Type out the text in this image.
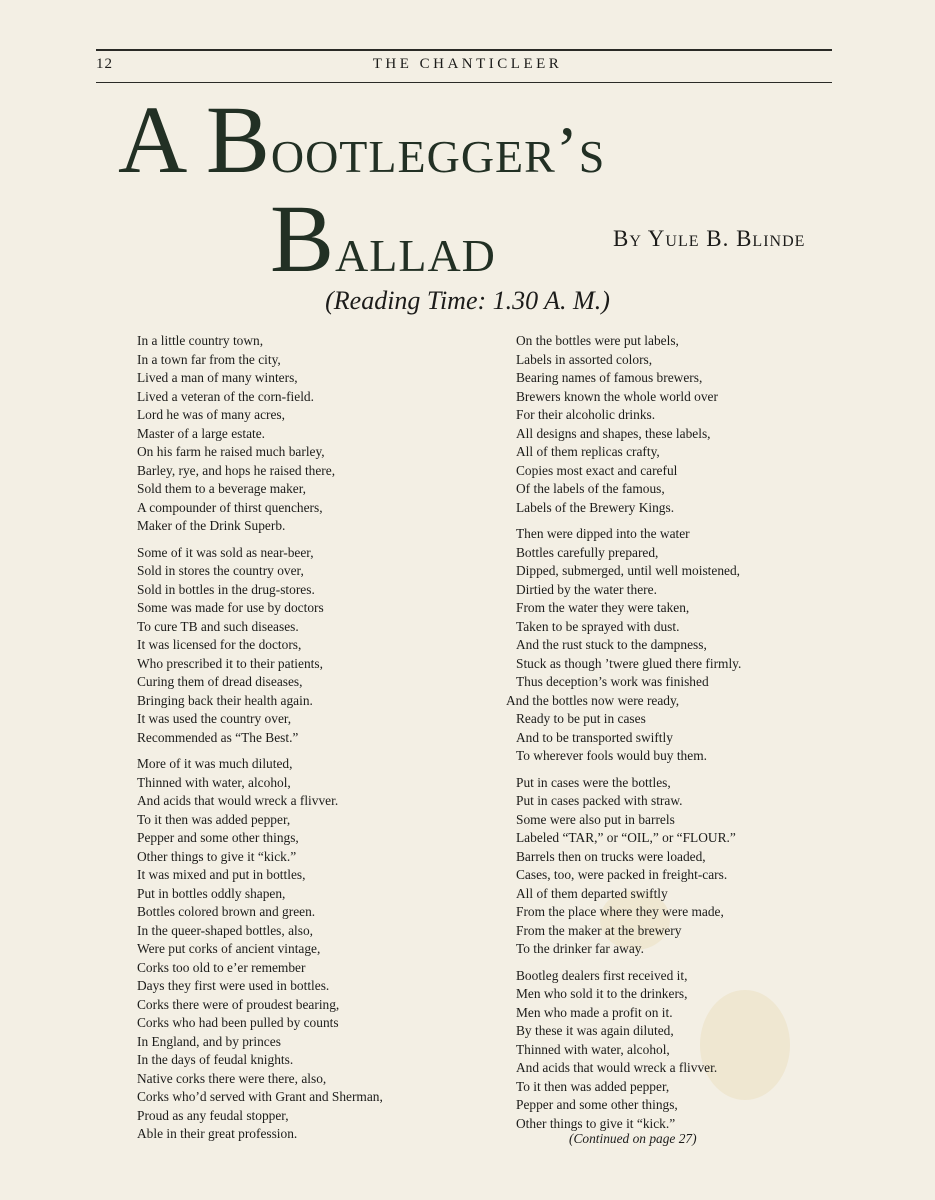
12	THE CHANTICLEER
A Bootlegger’s
Ballad	By Yule B. Blinde
(Reading Time: 1.30 A. M.)
In a little country town,
In a town far from the city,
Lived a man of many winters,
Lived a veteran of the corn-field.
Lord he was of many acres,
Master of a large estate.
On his farm he raised much barley,
Barley, rye, and hops he raised there,
Sold them to a beverage maker,
A compounder of thirst quenchers,
Maker of the Drink Superb.
Some of it was sold as near-beer,
Sold in stores the country over,
Sold in bottles in the drug-stores.
Some was made for use by doctors
To cure TB and such diseases.
It was licensed for the doctors,
Who prescribed it to their patients,
Curing them of dread diseases,
Bringing back their health again.
It was used the country over,
Recommended as “The Best.”
More of it was much diluted,
Thinned with water, alcohol,
And acids that would wreck a flivver.
To it then was added pepper,
Pepper and some other things,
Other things to give it “kick.”
It was mixed and put in bottles,
Put in bottles oddly shapen,
Bottles colored brown and green.
In the queer-shaped bottles, also,
Were put corks of ancient vintage,
Corks too old to e’er remember
Days they first were used in bottles.
Corks there were of proudest bearing,
Corks who had been pulled by counts
In England, and by princes
In the days of feudal knights.
Native corks there were there, also,
Corks who’d served with Grant and Sherman,
Proud as any feudal stopper,
Able in their great profession.
On the bottles were put labels,
Labels in assorted colors,
Bearing names of famous brewers,
Brewers known the whole world over
For their alcoholic drinks.
All designs and shapes, these labels,
All of them replicas crafty,
Copies most exact and careful
Of the labels of the famous,
Labels of the Brewery Kings.
Then were dipped into the water
Bottles carefully prepared,
Dipped, submerged, until well moistened,
Dirtied by the water there.
From the water they were taken,
Taken to be sprayed with dust.
And the rust stuck to the dampness,
Stuck as though ’twere glued there firmly.
Thus deception’s work was finished
And the bottles now were ready,
Ready to be put in cases
And to be transported swiftly
To wherever fools would buy them.
Put in cases were the bottles,
Put in cases packed with straw.
Some were also put in barrels
Labeled “TAR,” or “OIL,” or “FLOUR.”
Barrels then on trucks were loaded,
Cases, too, were packed in freight-cars.
All of them departed swiftly
From the place where they were made,
From the maker at the brewery
To the drinker far away.
Bootleg dealers first received it,
Men who sold it to the drinkers,
Men who made a profit on it.
By these it was again diluted,
Thinned with water, alcohol,
And acids that would wreck a flivver.
To it then was added pepper,
Pepper and some other things,
Other things to give it “kick.”
(Continued on page 27)
